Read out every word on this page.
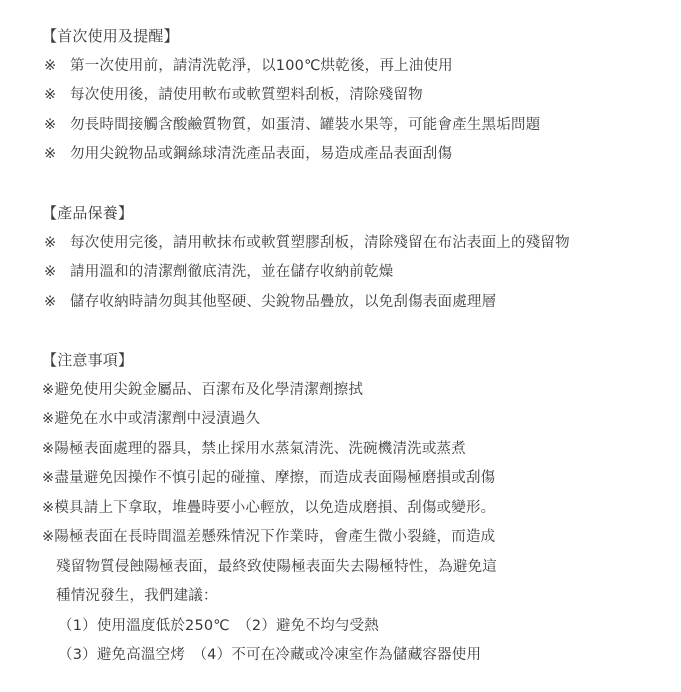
【首次使用及提醒】
※ 第一次使用前，請清洗乾淨，以100℃烘乾後，再上油使用
※ 每次使用後，請使用軟布或軟質塑料刮板，清除殘留物
※ 勿長時間接觸含酸鹼質物質，如蛋清、罐裝水果等，可能會產生黑垢問題
※ 勿用尖銳物品或鋼絲球清洗產品表面，易造成產品表面刮傷
【產品保養】
※ 每次使用完後，請用軟抹布或軟質塑膠刮板，清除殘留在布沾表面上的殘留物
※ 請用溫和的清潔劑徹底清洗，並在儲存收納前乾燥
※ 儲存收納時請勿與其他堅硬、尖銳物品疊放，以免刮傷表面處理層
【注意事項】
※避免使用尖銳金屬品、百潔布及化學清潔劑擦拭
※避免在水中或清潔劑中浸漬過久
※陽極表面處理的器具，禁止採用水蒸氣清洗、洗碗機清洗或蒸煮
※盡量避免因操作不慎引起的碰撞、摩擦，而造成表面陽極磨損或刮傷
※模具請上下拿取，堆疊時要小心輕放，以免造成磨損、刮傷或變形。
※陽極表面在長時間溫差懸殊情況下作業時，會產生微小裂縫，而造成
殘留物質侵蝕陽極表面，最終致使陽極表面失去陽極特性，為避免這
種情況發生，我們建議：
（1）使用溫度低於250℃　（2）避免不均勻受熱
（3）避免高溫空烤　（4）不可在冷藏或冷凍室作為儲藏容器使用
